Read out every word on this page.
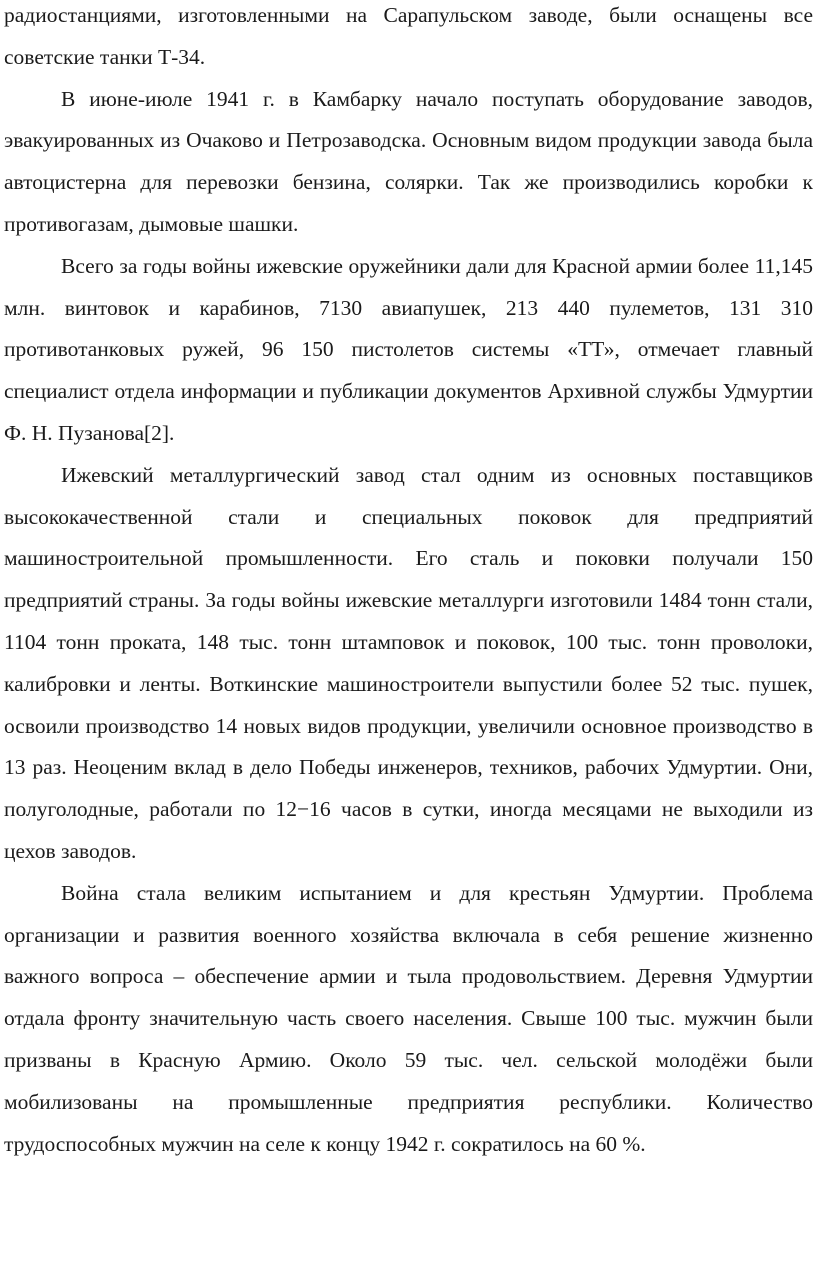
радиостанциями, изготовленными на Сарапульском заводе, были оснащены все советские танки Т-34.

В июне-июле 1941 г. в Камбарку начало поступать оборудование заводов, эвакуированных из Очаково и Петрозаводска. Основным видом продукции завода была автоцистерна для перевозки бензина, солярки. Так же производились коробки к противогазам, дымовые шашки.

Всего за годы войны ижевские оружейники дали для Красной армии более 11,145 млн. винтовок и карабинов, 7130 авиапушек, 213 440 пулеметов, 131 310 противотанковых ружей, 96 150 пистолетов системы «ТТ», отмечает главный специалист отдела информации и публикации документов Архивной службы Удмуртии Ф. Н. Пузанова[2].

Ижевский металлургический завод стал одним из основных поставщиков высококачественной стали и специальных поковок для предприятий машиностроительной промышленности. Его сталь и поковки получали 150 предприятий страны. За годы войны ижевские металлурги изготовили 1484 тонн стали, 1104 тонн проката, 148 тыс. тонн штамповок и поковок, 100 тыс. тонн проволоки, калибровки и ленты. Воткинские машиностроители выпустили более 52 тыс. пушек, освоили производство 14 новых видов продукции, увеличили основное производство в 13 раз. Неоценим вклад в дело Победы инженеров, техников, рабочих Удмуртии. Они, полуголодные, работали по 12−16 часов в сутки, иногда месяцами не выходили из цехов заводов.

Война стала великим испытанием и для крестьян Удмуртии. Проблема организации и развития военного хозяйства включала в себя решение жизненно важного вопроса – обеспечение армии и тыла продовольствием. Деревня Удмуртии отдала фронту значительную часть своего населения. Свыше 100 тыс. мужчин были призваны в Красную Армию. Около 59 тыс. чел. сельской молодёжи были мобилизованы на промышленные предприятия республики. Количество трудоспособных мужчин на селе к концу 1942 г. сократилось на 60 %.
